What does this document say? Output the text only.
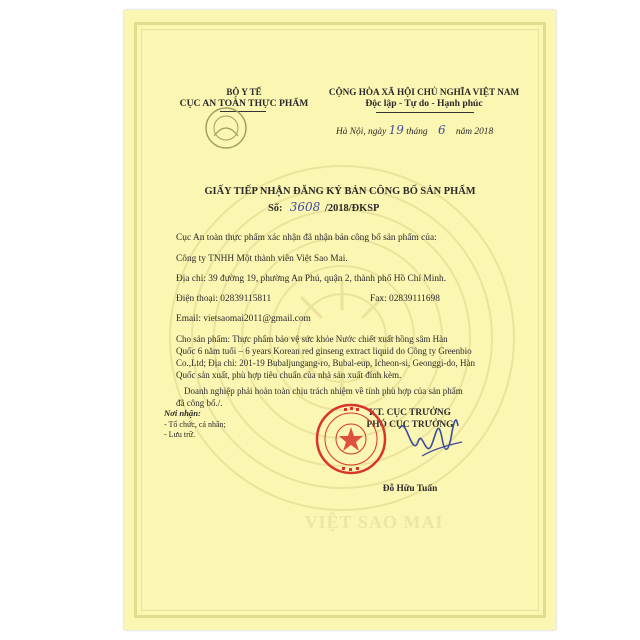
VIỆT SAO MAI
BỘ Y TẾ
CỤC AN TOÀN THỰC PHẨM
CỘNG HÒA XÃ HỘI CHỦ NGHĨA VIỆT NAM
Độc lập - Tự do - Hạnh phúc
Hà Nội, ngày 19 tháng 6 năm 2018
GIẤY TIẾP NHẬN ĐĂNG KÝ BẢN CÔNG BỐ SẢN PHẨM
Số: 3608 /2018/ĐKSP
Cục An toàn thực phẩm xác nhận đã nhận bản công bố sản phẩm của:
Công ty TNHH Một thành viên Việt Sao Mai.
Địa chỉ: 39 đường 19, phường An Phú, quận 2, thành phố Hồ Chí Minh.
Điện thoại: 02839115811	Fax: 02839111698
Email: vietsaomai2011@gmail.com
Cho sản phẩm: Thực phẩm bảo vệ sức khỏe Nước chiết xuất hồng sâm Hàn
Quốc 6 năm tuổi – 6 years Korean red ginseng extract liquid do Công ty Greenbio
Co.,Ltd; Địa chỉ: 201-19 Bubaljungang-ro, Bubal-eup, Icheon-si, Geonggi-do, Hàn
Quốc sản xuất, phù hợp tiêu chuẩn của nhà sản xuất đính kèm.
Doanh nghiệp phải hoàn toàn chịu trách nhiệm về tính phù hợp của sản phẩm
đã công bố./.
Nơi nhận:
- Tổ chức, cá nhân;
- Lưu trữ.
KT. CỤC TRƯỞNG
PHÓ CỤC TRƯỞNG
Đỗ Hữu Tuấn
